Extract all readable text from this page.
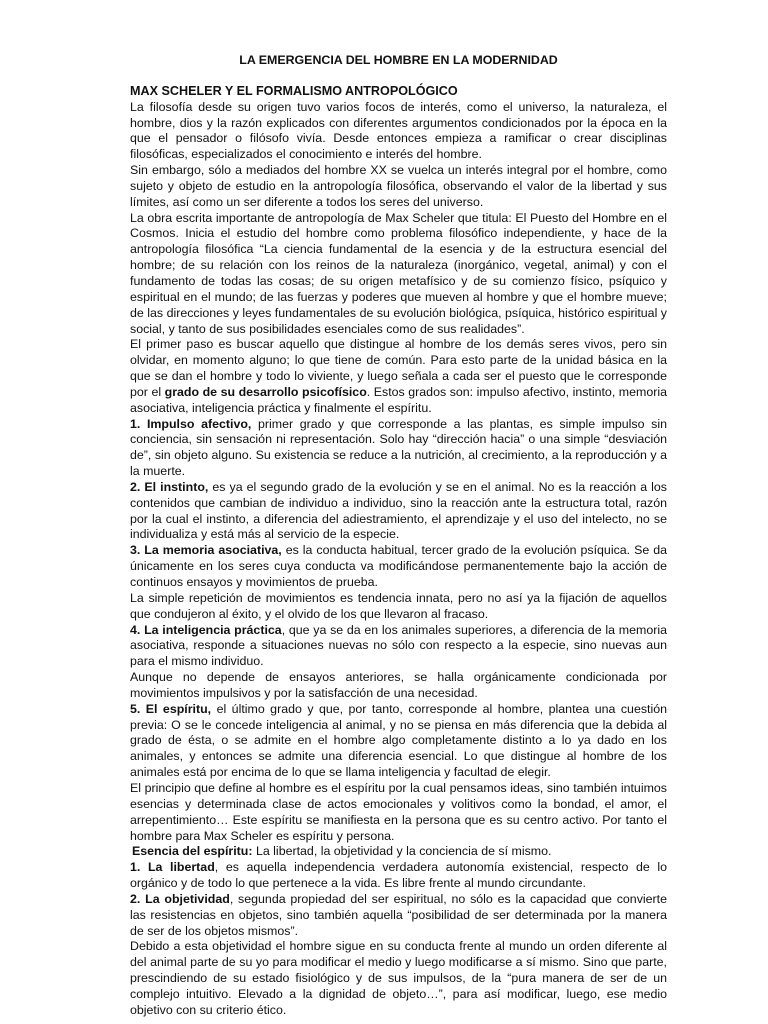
LA EMERGENCIA DEL HOMBRE EN LA MODERNIDAD
MAX SCHELER Y EL FORMALISMO ANTROPOLÓGICO

La filosofía desde su origen tuvo varios focos de interés, como el universo, la naturaleza, el hombre, dios y la razón explicados con diferentes argumentos condicionados por la época en la que el pensador o filósofo vivía. Desde entonces empieza a ramificar o crear disciplinas filosóficas, especializados el conocimiento e interés del hombre.

Sin embargo, sólo a mediados del hombre XX se vuelca un interés integral por el hombre, como sujeto y objeto de estudio en la antropología filosófica, observando el valor de la libertad y sus límites, así como un ser diferente a todos los seres del universo.

La obra escrita importante de antropología de Max Scheler que titula: El Puesto del Hombre en el Cosmos. Inicia el estudio del hombre como problema filosófico independiente, y hace de la antropología filosófica “La ciencia fundamental de la esencia y de la estructura esencial del hombre; de su relación con los reinos de la naturaleza (inorgánico, vegetal, animal) y con el fundamento de todas las cosas; de su origen metafísico y de su comienzo físico, psíquico y espiritual en el mundo; de las fuerzas y poderes que mueven al hombre y que el hombre mueve; de las direcciones y leyes fundamentales de su evolución biológica, psíquica, histórico espiritual y social, y tanto de sus posibilidades esenciales como de sus realidades”.

El primer paso es buscar aquello que distingue al hombre de los demás seres vivos, pero sin olvidar, en momento alguno; lo que tiene de común. Para esto parte de la unidad básica en la que se dan el hombre y todo lo viviente, y luego señala a cada ser el puesto que le corresponde por el grado de su desarrollo psicofísico. Estos grados son: impulso afectivo, instinto, memoria asociativa, inteligencia práctica y finalmente el espíritu.

1. Impulso afectivo, primer grado y que corresponde a las plantas, es simple impulso sin conciencia, sin sensación ni representación. Solo hay “dirección hacia” o una simple “desviación de”, sin objeto alguno. Su existencia se reduce a la nutrición, al crecimiento, a la reproducción y a la muerte.

2. El instinto, es ya el segundo grado de la evolución y se en el animal. No es la reacción a los contenidos que cambian de individuo a individuo, sino la reacción ante la estructura total, razón por la cual el instinto, a diferencia del adiestramiento, el aprendizaje y el uso del intelecto, no se individualiza y está más al servicio de la especie.

3. La memoria asociativa, es la conducta habitual, tercer grado de la evolución psíquica. Se da únicamente en los seres cuya conducta va modificándose permanentemente bajo la acción de continuos ensayos y movimientos de prueba.

La simple repetición de movimientos es tendencia innata, pero no así ya la fijación de aquellos que condujeron al éxito, y el olvido de los que llevaron al fracaso.

4. La inteligencia práctica, que ya se da en los animales superiores, a diferencia de la memoria asociativa, responde a situaciones nuevas no sólo con respecto a la especie, sino nuevas aun para el mismo individuo.

Aunque no depende de ensayos anteriores, se halla orgánicamente condicionada por movimientos impulsivos y por la satisfacción de una necesidad.

5. El espíritu, el último grado y que, por tanto, corresponde al hombre, plantea una cuestión previa: O se le concede inteligencia al animal, y no se piensa en más diferencia que la debida al grado de ésta, o se admite en el hombre algo completamente distinto a lo ya dado en los animales, y entonces se admite una diferencia esencial. Lo que distingue al hombre de los animales está por encima de lo que se llama inteligencia y facultad de elegir.

El principio que define al hombre es el espíritu por la cual pensamos ideas, sino también intuimos esencias y determinada clase de actos emocionales y volitivos como la bondad, el amor, el arrepentimiento… Este espíritu se manifiesta en la persona que es su centro activo. Por tanto el hombre para Max Scheler es espíritu y persona.

Esencia del espíritu: La libertad, la objetividad y la conciencia de sí mismo.

1. La libertad, es aquella independencia verdadera autonomía existencial, respecto de lo orgánico y de todo lo que pertenece a la vida. Es libre frente al mundo circundante.

2. La objetividad, segunda propiedad del ser espiritual, no sólo es la capacidad que convierte las resistencias en objetos, sino también aquella “posibilidad de ser determinada por la manera de ser de los objetos mismos”.

Debido a esta objetividad el hombre sigue en su conducta frente al mundo un orden diferente al del animal parte de su yo para modificar el medio y luego modificarse a sí mismo. Sino que parte, prescindiendo de su estado fisiológico y de sus impulsos, de la “pura manera de ser de un complejo intuitivo. Elevado a la dignidad de objeto…”, para así modificar, luego, ese medio objetivo con su criterio ético.
